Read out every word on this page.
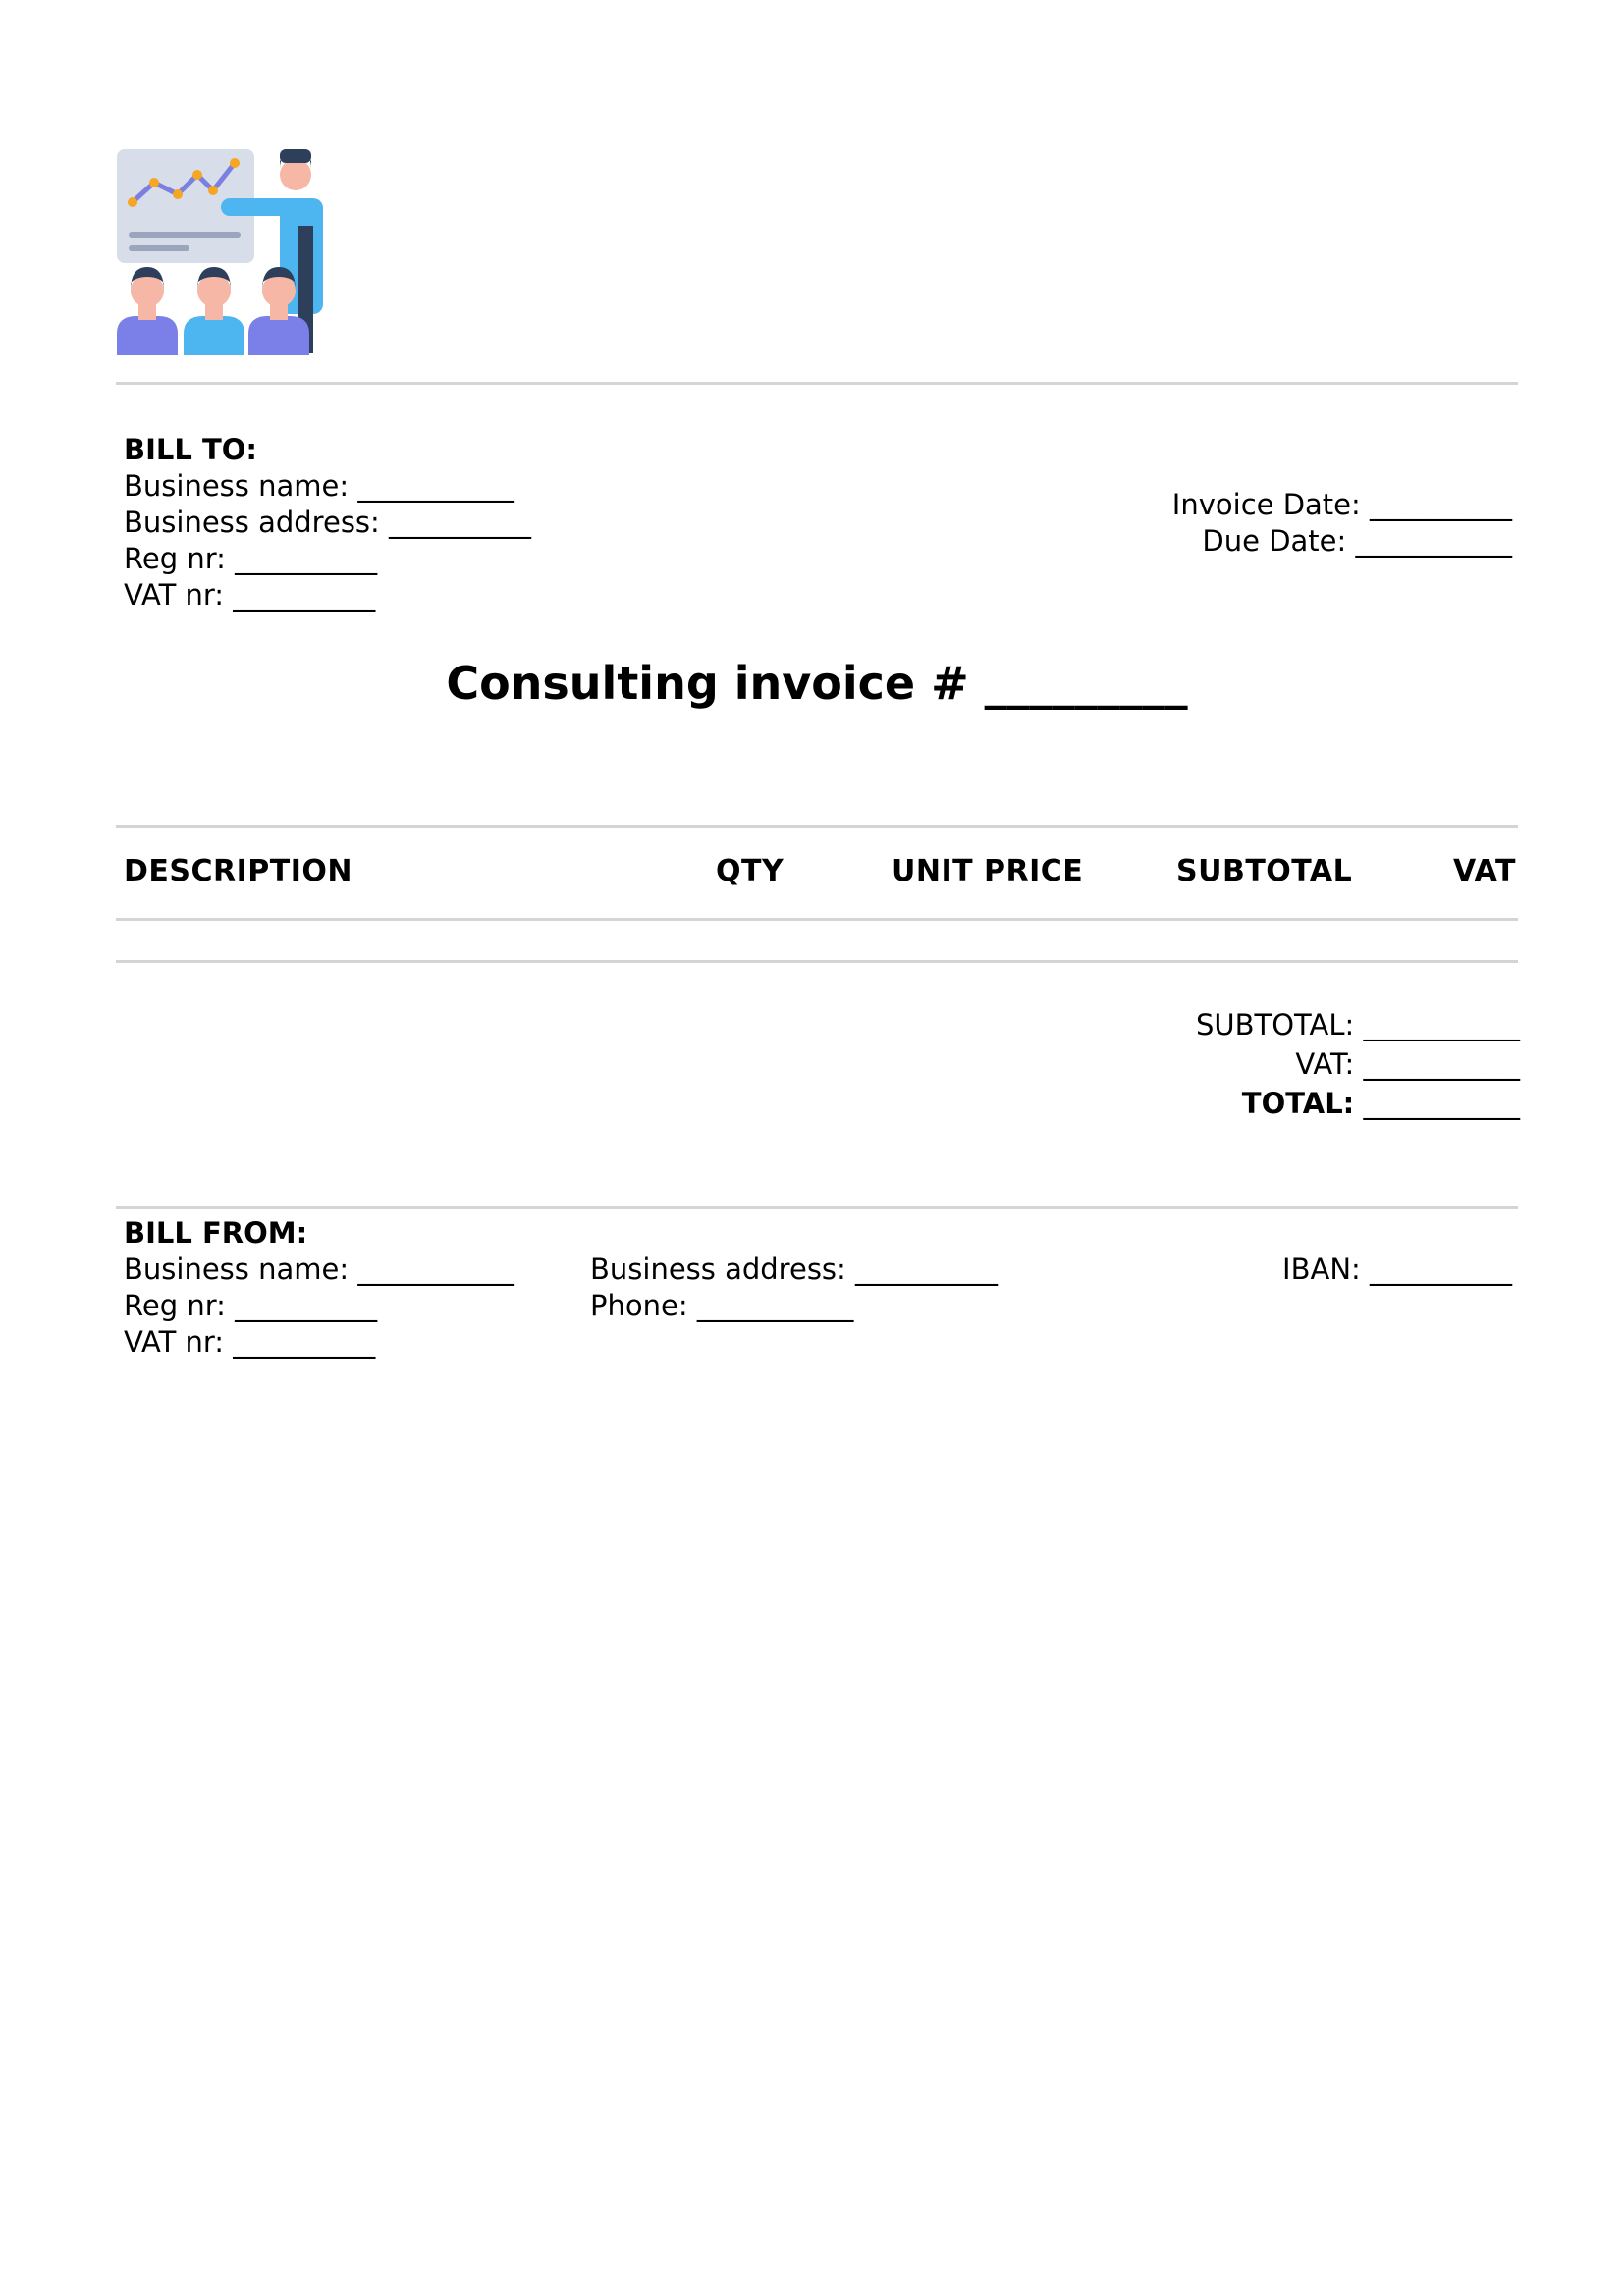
BILL TO:
Business name: ___________
Business address: __________
Reg nr: __________
VAT nr: __________
Invoice Date: __________
Due Date: ___________
Consulting invoice # _________
DESCRIPTION	QTY	UNIT PRICE	SUBTOTAL	VAT
SUBTOTAL: ___________
VAT: ___________
TOTAL: ___________
BILL FROM:
Business name: ___________
Reg nr: __________
VAT nr: __________
Business address: __________
Phone: ___________
IBAN: __________
